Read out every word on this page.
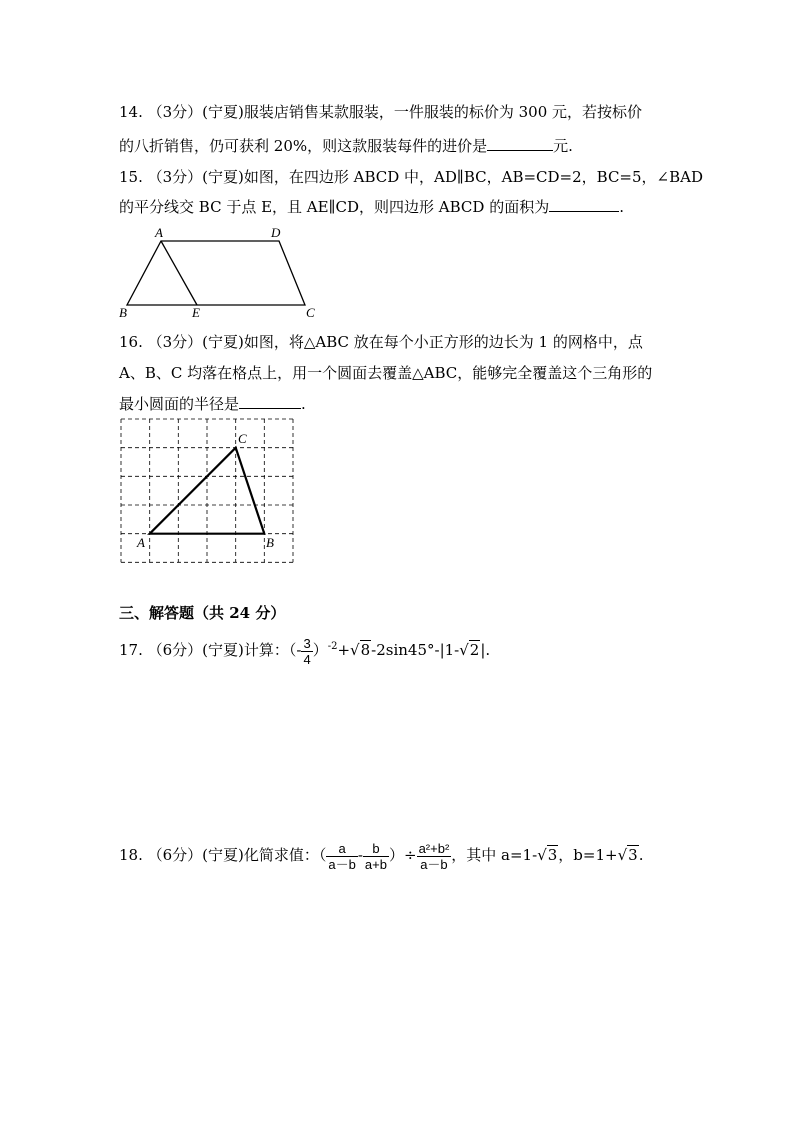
14. （3分）(宁夏)服装店销售某款服装，一件服装的标价为 300 元，若按标价
的八折销售，仍可获利 20%，则这款服装每件的进价是	元.
15. （3分）(宁夏)如图，在四边形 ABCD 中，AD∥BC，AB=CD=2，BC=5，∠BAD
的平分线交 BC 于点 E，且 AE∥CD，则四边形 ABCD 的面积为	.
A	D
B	E	C
16. （3分）(宁夏)如图，将△ABC 放在每个小正方形的边长为 1 的网格中，点
A、B、C 均落在格点上，用一个圆面去覆盖△ABC，能够完全覆盖这个三角形的
最小圆面的半径是	.
A	B
C
三、解答题（共 24 分）
17. （6分）(宁夏)计算：（- $\frac{3}{4} )^{-2}+√8-2\sin 45^\circ-|1-√2|$.
18. （6分）(宁夏)化简求值：（ $\frac{a}{a-b} - \frac{b}{a+b}$ ）÷ $\frac{\text{a²+b²}}{a-b}$ ，其中 a=1-√3，b=1+√3.
